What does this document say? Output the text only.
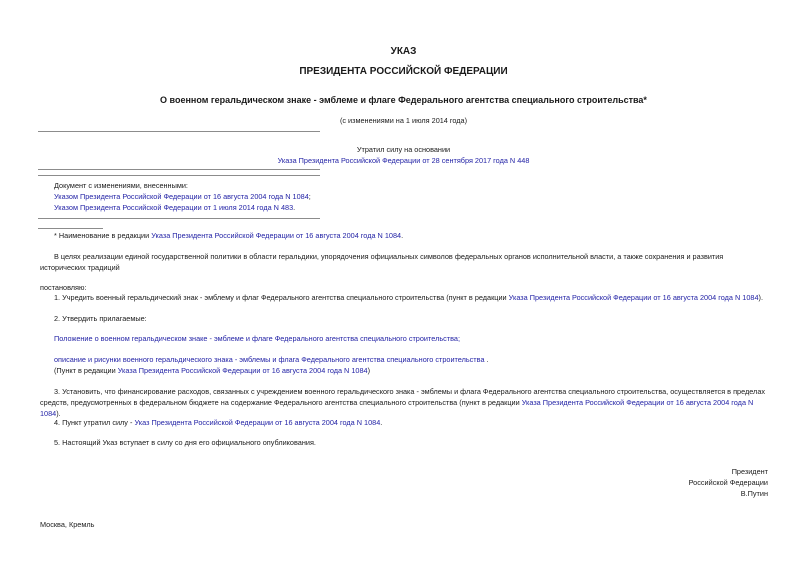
УКАЗ
ПРЕЗИДЕНТА РОССИЙСКОЙ ФЕДЕРАЦИИ
О военном геральдическом знаке - эмблеме и флаге Федерального агентства специального строительства*
(с изменениями на 1 июля 2014 года)
Утратил силу на основании
Указа Президента Российской Федерации от 28 сентября 2017 года N 448
Документ с изменениями, внесенными:
Указом Президента Российской Федерации от 16 августа 2004 года N 1084;
Указом Президента Российской Федерации от 1 июля 2014 года N 483.
* Наименование в редакции Указа Президента Российской Федерации от 16 августа 2004 года N 1084.
В целях реализации единой государственной политики в области геральдики, упорядочения официальных символов федеральных органов исполнительной власти, а также сохранения и развития исторических традиций
постановляю:
1. Учредить военный геральдический знак - эмблему и флаг Федерального агентства специального строительства (пункт в редакции Указа Президента Российской Федерации от 16 августа 2004 года N 1084).
2. Утвердить прилагаемые:
Положение о военном геральдическом знаке - эмблеме и флаге Федерального агентства специального строительства;
описание и рисунки военного геральдического знака - эмблемы и флага Федерального агентства специального строительства .
(Пункт в редакции Указа Президента Российской Федерации от 16 августа 2004 года N 1084)
3. Установить, что финансирование расходов, связанных с учреждением военного геральдического знака - эмблемы и флага Федерального агентства специального строительства, осуществляется в пределах средств, предусмотренных в федеральном бюджете на содержание Федерального агентства специального строительства (пункт в редакции Указа Президента Российской Федерации от 16 августа 2004 года N 1084).
4. Пункт утратил силу - Указ Президента Российской Федерации от 16 августа 2004 года N 1084.
5. Настоящий Указ вступает в силу со дня его официального опубликования.
Президент
Российской Федерации
В.Путин
Москва, Кремль
